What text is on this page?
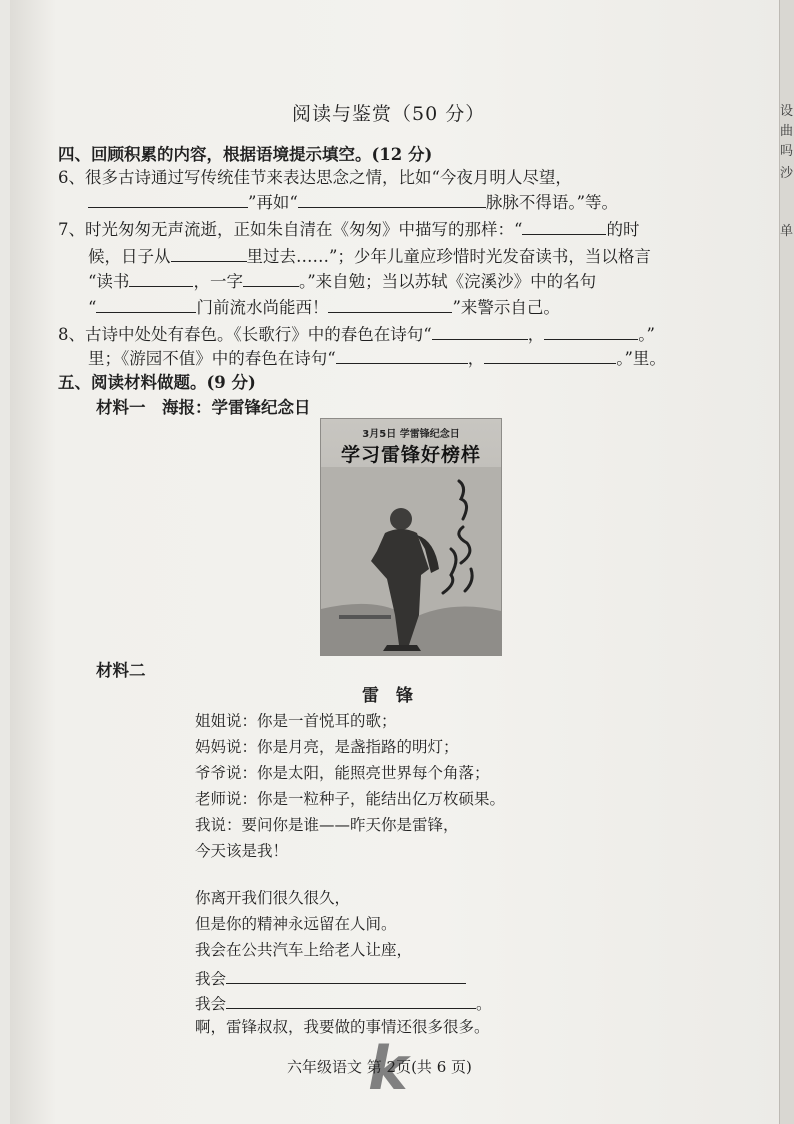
设
曲
吗
沙
单
阅读与鉴赏（50 分）
四、回顾积累的内容，根据语境提示填空。(12 分)
6、很多古诗通过写传统佳节来表达思念之情，比如“今夜月明人尽望，
”再如“	脉脉不得语。”等。
7、时光匆匆无声流逝，正如朱自清在《匆匆》中描写的那样：“	的时
候，日子从	里过去……”；少年儿童应珍惜时光发奋读书，当以格言
“读书	，一字	。”来自勉；当以苏轼《浣溪沙》中的名句
“	门前流水尚能西！	”来警示自己。
8、古诗中处处有春色。《长歌行》中的春色在诗句“	，	。”
里；《游园不值》中的春色在诗句“	，	。”里。
五、阅读材料做题。(9 分)
材料一　海报：学雷锋纪念日
3月5日 学雷锋纪念日
学习雷锋好榜样
材料二
雷　锋
姐姐说：你是一首悦耳的歌；
妈妈说：你是月亮，是盏指路的明灯；
爷爷说：你是太阳，能照亮世界每个角落；
老师说：你是一粒种子，能结出亿万枚硕果。
我说：要问你是谁——昨天你是雷锋，
今天该是我！
你离开我们很久很久，
但是你的精神永远留在人间。
我会在公共汽车上给老人让座，
我会
我会	。
啊，雷锋叔叔，我要做的事情还很多很多。
k
六年级语文 第 2页(共 6 页)
